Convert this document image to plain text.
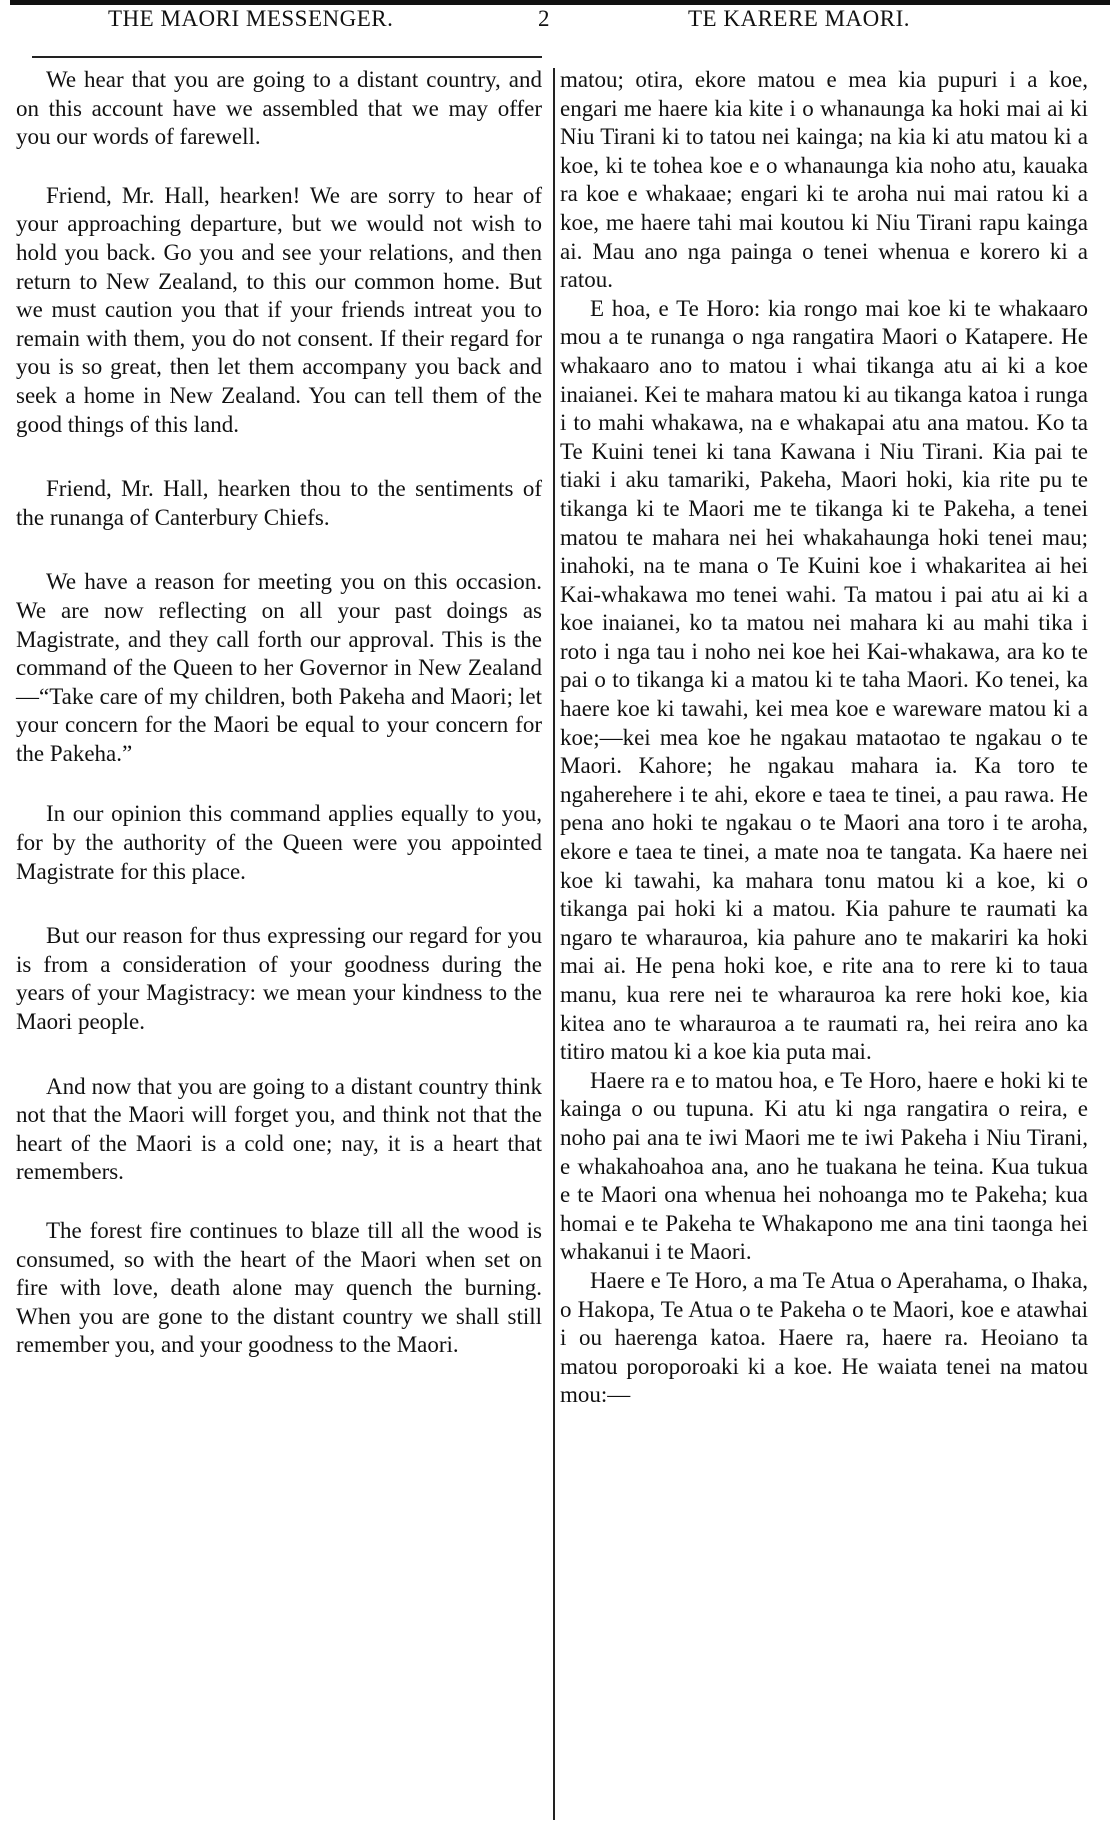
THE MAORI MESSENGER.	2	TE KARERE MAORI.

We hear that you are going to a distant country, and on this account have we assembled that we may offer you our words of farewell.

Friend, Mr. Hall, hearken! We are sorry to hear of your approaching departure, but we would not wish to hold you back. Go you and see your relations, and then return to New Zealand, to this our common home. But we must caution you that if your friends intreat you to remain with them, you do not consent. If their regard for you is so great, then let them accompany you back and seek a home in New Zealand. You can tell them of the good things of this land.

Friend, Mr. Hall, hearken thou to the sentiments of the runanga of Canterbury Chiefs.

We have a reason for meeting you on this occasion. We are now reflecting on all your past doings as Magistrate, and they call forth our approval. This is the command of the Queen to her Governor in New Zealand—“Take care of my children, both Pakeha and Maori; let your concern for the Maori be equal to your concern for the Pakeha.”

In our opinion this command applies equally to you, for by the authority of the Queen were you appointed Magistrate for this place.

But our reason for thus expressing our regard for you is from a consideration of your goodness during the years of your Magistracy: we mean your kindness to the Maori people.

And now that you are going to a distant country think not that the Maori will forget you, and think not that the heart of the Maori is a cold one; nay, it is a heart that remembers.

The forest fire continues to blaze till all the wood is consumed, so with the heart of the Maori when set on fire with love, death alone may quench the burning. When you are gone to the distant country we shall still remember you, and your goodness to the Maori.

matou; otira, ekore matou e mea kia pupuri i a koe, engari me haere kia kite i o whanaunga ka hoki mai ai ki Niu Tirani ki to tatou nei kainga; na kia ki atu matou ki a koe, ki te tohea koe e o whanaunga kia noho atu, kauaka ra koe e whakaae; engari ki te aroha nui mai ratou ki a koe, me haere tahi mai koutou ki Niu Tirani rapu kainga ai. Mau ano nga painga o tenei whenua e korero ki a ratou.

E hoa, e Te Horo: kia rongo mai koe ki te whakaaro mou a te runanga o nga rangatira Maori o Katapere. He whakaaro ano to matou i whai tikanga atu ai ki a koe inaianei. Kei te mahara matou ki au tikanga katoa i runga i to mahi whakawa, na e whakapai atu ana matou. Ko ta Te Kuini tenei ki tana Kawana i Niu Tirani. Kia pai te tiaki i aku tamariki, Pakeha, Maori hoki, kia rite pu te tikanga ki te Maori me te tikanga ki te Pakeha, a tenei matou te mahara nei hei whakahaunga hoki tenei mau; inahoki, na te mana o Te Kuini koe i whakaritea ai hei Kai-whakawa mo tenei wahi. Ta matou i pai atu ai ki a koe inaianei, ko ta matou nei mahara ki au mahi tika i roto i nga tau i noho nei koe hei Kai-whakawa, ara ko te pai o to tikanga ki a matou ki te taha Maori. Ko tenei, ka haere koe ki tawahi, kei mea koe e wareware matou ki a koe;—kei mea koe he ngakau mataotao te ngakau o te Maori. Kahore; he ngakau mahara ia. Ka toro te ngaherehere i te ahi, ekore e taea te tinei, a pau rawa. He pena ano hoki te ngakau o te Maori ana toro i te aroha, ekore e taea te tinei, a mate noa te tangata. Ka haere nei koe ki tawahi, ka mahara tonu matou ki a koe, ki o tikanga pai hoki ki a matou. Kia pahure te raumati ka ngaro te wharauroa, kia pahure ano te makariri ka hoki mai ai. He pena hoki koe, e rite ana to rere ki to taua manu, kua rere nei te wharauroa ka rere hoki koe, kia kitea ano te wharauroa a te raumati ra, hei reira ano ka titiro matou ki a koe kia puta mai.

Haere ra e to matou hoa, e Te Horo, haere e hoki ki te kainga o ou tupuna. Ki atu ki nga rangatira o reira, e noho pai ana te iwi Maori me te iwi Pakeha i Niu Tirani, e whakahoahoa ana, ano he tuakana he teina. Kua tukua e te Maori ona whenua hei nohoanga mo te Pakeha; kua homai e te Pakeha te Whakapono me ana tini taonga hei whakanui i te Maori.

Haere e Te Horo, a ma Te Atua o Aperahama, o Ihaka, o Hakopa, Te Atua o te Pakeha o te Maori, koe e atawhai i ou haerenga katoa. Haere ra, haere ra. Heoiano ta matou poroporoaki ki a koe. He waiata tenei na matou mou:—
